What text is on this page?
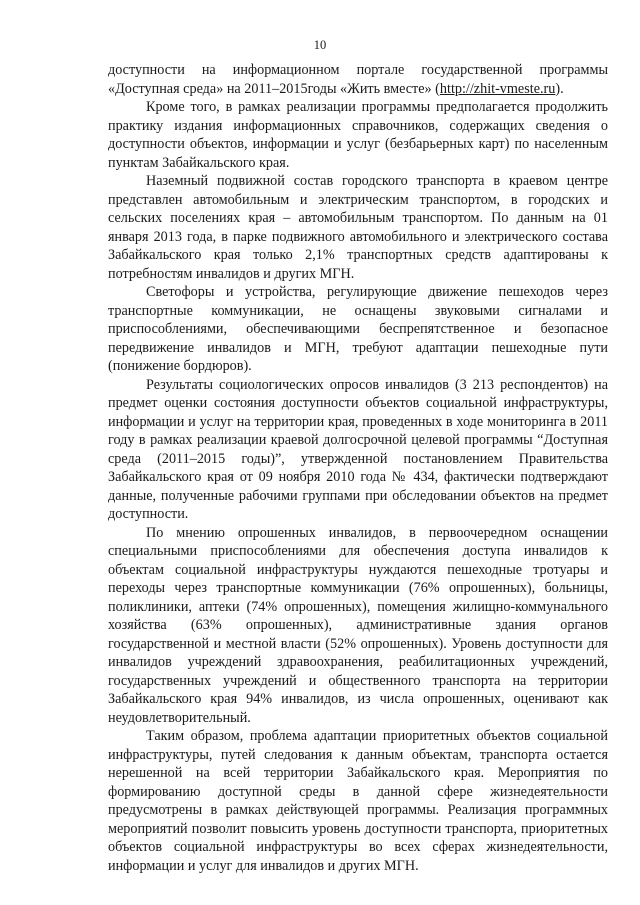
10

доступности на информационном портале государственной программы «Доступная среда» на 2011–2015годы «Жить вместе» (http://zhit-vmeste.ru).

Кроме того, в рамках реализации программы предполагается продолжить практику издания информационных справочников, содержащих сведения о доступности объектов, информации и услуг (безбарьерных карт) по населенным пунктам Забайкальского края.

Наземный подвижной состав городского транспорта в краевом центре представлен автомобильным и электрическим транспортом, в городских и сельских поселениях края – автомобильным транспортом. По данным на 01 января 2013 года, в парке подвижного автомобильного и электрического состава Забайкальского края только 2,1% транспортных средств адаптированы к потребностям инвалидов и других МГН.

Светофоры и устройства, регулирующие движение пешеходов через транспортные коммуникации, не оснащены звуковыми сигналами и приспособлениями, обеспечивающими беспрепятственное и безопасное передвижение инвалидов и МГН, требуют адаптации пешеходные пути (понижение бордюров).

Результаты социологических опросов инвалидов (3 213 респондентов) на предмет оценки состояния доступности объектов социальной инфраструктуры, информации и услуг на территории края, проведенных в ходе мониторинга в 2011 году в рамках реализации краевой долгосрочной целевой программы “Доступная среда (2011–2015 годы)”, утвержденной постановлением Правительства Забайкальского края от 09 ноября 2010 года № 434, фактически подтверждают данные, полученные рабочими группами при обследовании объектов на предмет доступности.

По мнению опрошенных инвалидов, в первоочередном оснащении специальными приспособлениями для обеспечения доступа инвалидов к объектам социальной инфраструктуры нуждаются пешеходные тротуары и переходы через транспортные коммуникации (76% опрошенных), больницы, поликлиники, аптеки (74% опрошенных), помещения жилищно-коммунального хозяйства (63% опрошенных), административные здания органов государственной и местной власти (52% опрошенных). Уровень доступности для инвалидов учреждений здравоохранения, реабилитационных учреждений, государственных учреждений и общественного транспорта на территории Забайкальского края 94% инвалидов, из числа опрошенных, оценивают как неудовлетворительный.

Таким образом, проблема адаптации приоритетных объектов социальной инфраструктуры, путей следования к данным объектам, транспорта остается нерешенной на всей территории Забайкальского края. Мероприятия по формированию доступной среды в данной сфере жизнедеятельности предусмотрены в рамках действующей программы. Реализация программных мероприятий позволит повысить уровень доступности транспорта, приоритетных объектов социальной инфраструктуры во всех сферах жизнедеятельности, информации и услуг для инвалидов и других МГН.
